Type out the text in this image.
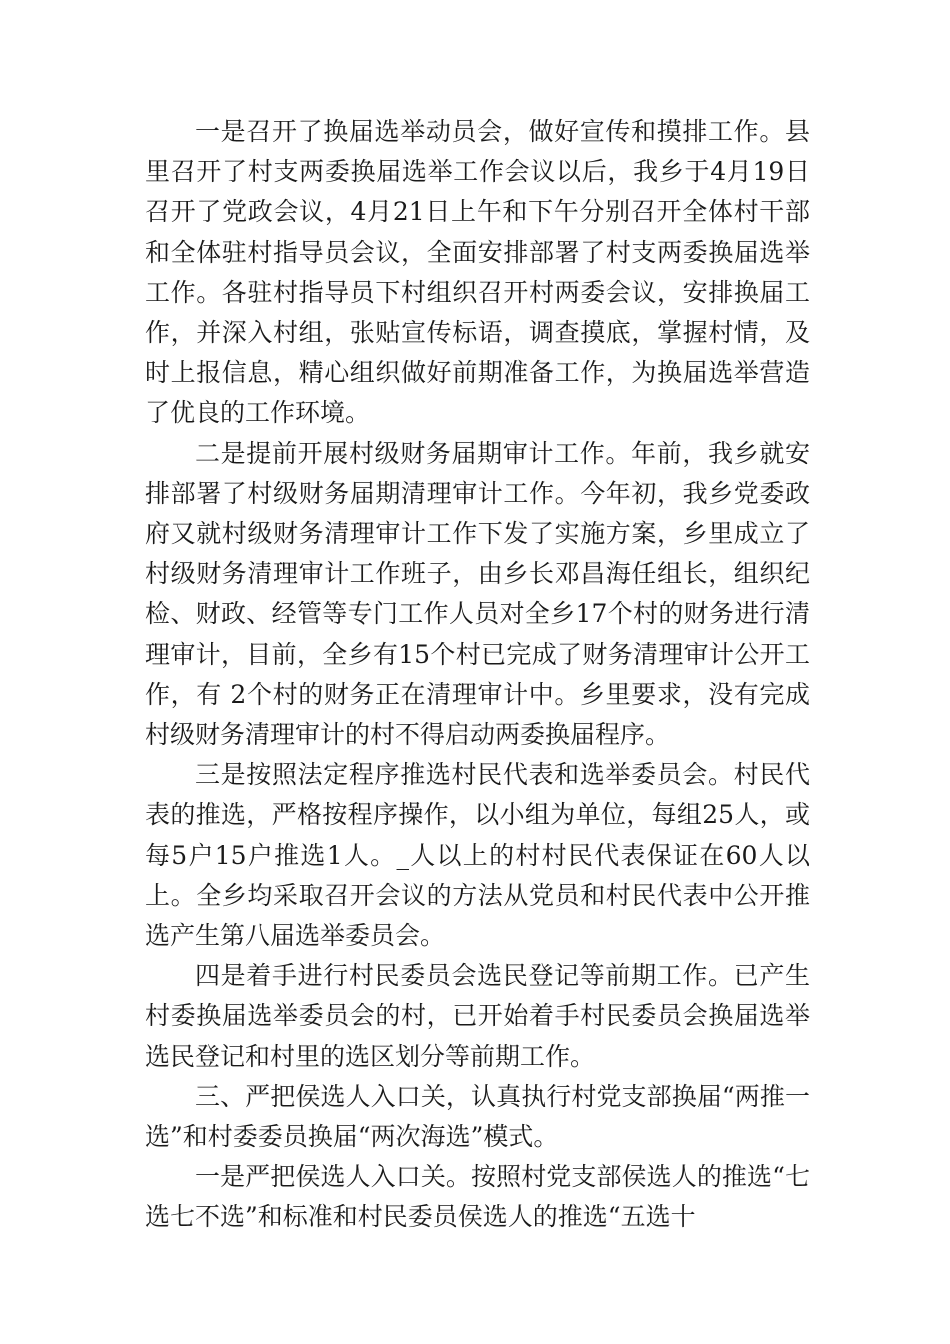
一是召开了换届选举动员会，做好宣传和摸排工作。县里召开了村支两委换届选举工作会议以后，我乡于4月19日召开了党政会议，4月21日上午和下午分别召开全体村干部和全体驻村指导员会议，全面安排部署了村支两委换届选举工作。各驻村指导员下村组织召开村两委会议，安排换届工作，并深入村组，张贴宣传标语，调查摸底，掌握村情，及时上报信息，精心组织做好前期准备工作，为换届选举营造了优良的工作环境。

二是提前开展村级财务届期审计工作。年前，我乡就安排部署了村级财务届期清理审计工作。今年初，我乡党委政府又就村级财务清理审计工作下发了实施方案，乡里成立了村级财务清理审计工作班子，由乡长邓昌海任组长，组织纪检、财政、经管等专门工作人员对全乡17个村的财务进行清理审计，目前，全乡有15个村已完成了财务清理审计公开工作，有 2个村的财务正在清理审计中。乡里要求，没有完成村级财务清理审计的村不得启动两委换届程序。

三是按照法定程序推选村民代表和选举委员会。村民代表的推选，严格按程序操作，以小组为单位，每组25人，或每5户15户推选1人。_人以上的村村民代表保证在60人以上。全乡均采取召开会议的方法从党员和村民代表中公开推选产生第八届选举委员会。

四是着手进行村民委员会选民登记等前期工作。已产生村委换届选举委员会的村，已开始着手村民委员会换届选举选民登记和村里的选区划分等前期工作。

三、严把侯选人入口关，认真执行村党支部换届“两推一选”和村委委员换届“两次海选”模式。

一是严把侯选人入口关。按照村党支部侯选人的推选“七选七不选”和标准和村民委员侯选人的推选“五选十
